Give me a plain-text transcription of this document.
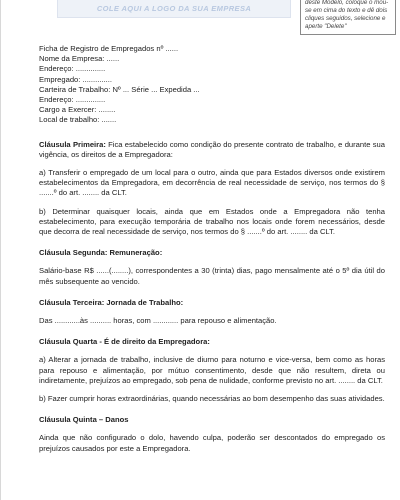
COLE AQUI A LOGO DA SUA EMPRESA
deste Modelo, coloque o mou-
se em cima do texto e dê dois
cliques seguidos, selecione e
aperte "Delete"
Ficha de Registro de Empregados nº ......
Nome da Empresa: ......
Endereço: ..............
Empregado: ..............
Carteira de Trabalho: Nº ... Série ... Expedida ...
Endereço: ..............
Cargo a Exercer: ........
Local de trabalho: .......

Cláusula Primeira: Fica estabelecido como condição do presente contrato de trabalho, e durante sua vigência, os direitos de a Empregadora:

a) Transferir o empregado de um local para o outro, ainda que para Estados diversos onde existirem estabelecimentos da Empregadora, em decorrência de real necessidade de serviço, nos termos do § .......º do art. ........ da CLT.

b) Determinar quaisquer locais, ainda que em Estados onde a Empregadora não tenha estabelecimento, para execução temporária de trabalho nos locais onde forem necessários, desde que decorra de real necessidade de serviço, nos termos do § .......º do art. ........ da CLT.

Cláusula Segunda: Remuneração:

Salário-base R$ ......(........), correspondentes a 30 (trinta) dias, pago mensalmente até o 5º dia útil do mês subsequente ao vencido.

Cláusula Terceira: Jornada de Trabalho:

Das ............às .......... horas, com ............ para repouso e alimentação.

Cláusula Quarta - É de direito da Empregadora:

a) Alterar a jornada de trabalho, inclusive de diurno para noturno e vice-versa, bem como as horas para repouso e alimentação, por mútuo consentimento, desde que não resultem, direta ou indiretamente, prejuízos ao empregado, sob pena de nulidade, conforme previsto no art. ........ da CLT.

b) Fazer cumprir horas extraordinárias, quando necessárias ao bom desempenho das suas atividades.

Cláusula Quinta – Danos

Ainda que não configurado o dolo, havendo culpa, poderão ser descontados do empregado os prejuízos causados por este a Empregadora.
